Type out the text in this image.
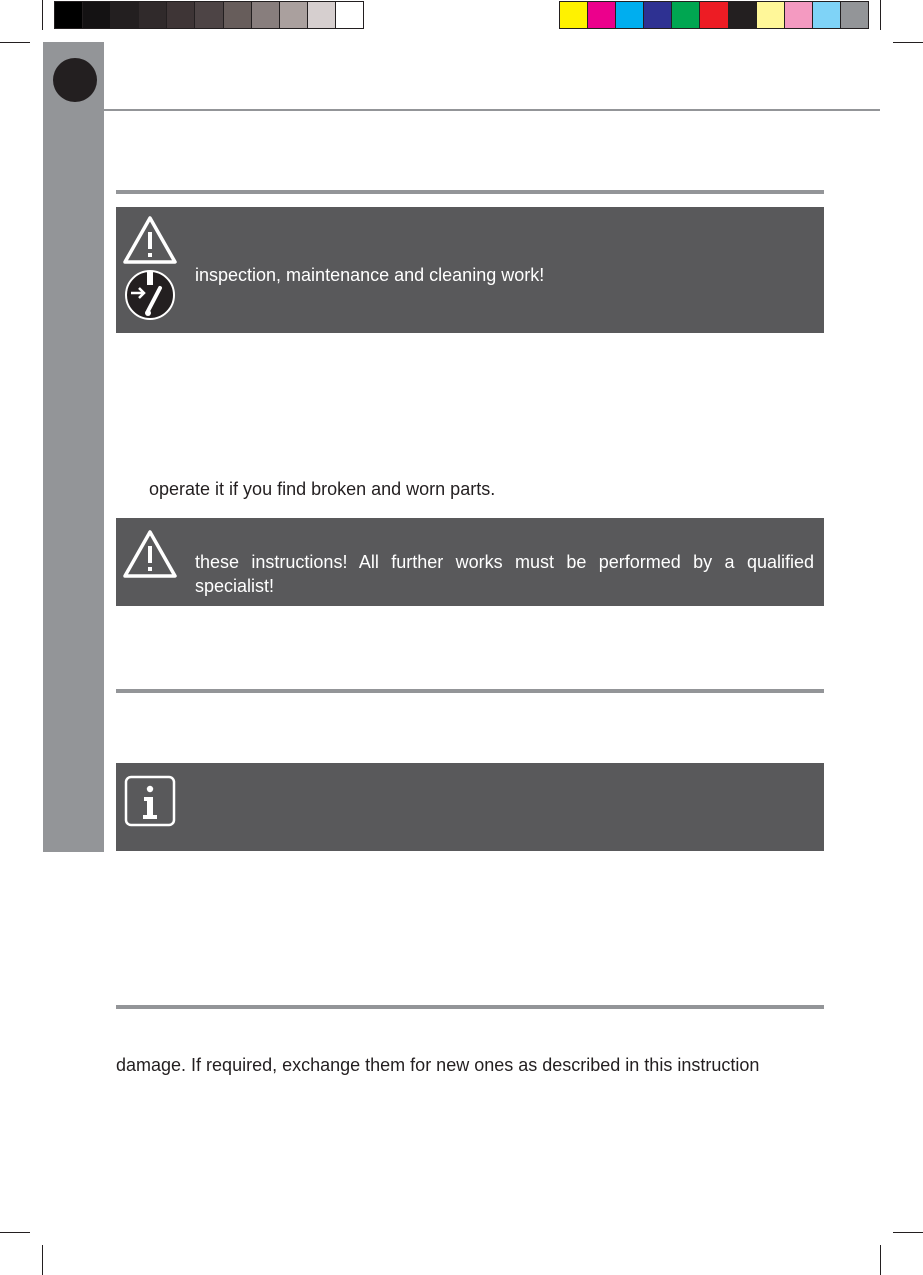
inspection, maintenance and cleaning work!
operate it if you find broken and worn parts.
these instructions! All further works must be performed by a qualified specialist!
damage. If required, exchange them for new ones as described in this instruction
